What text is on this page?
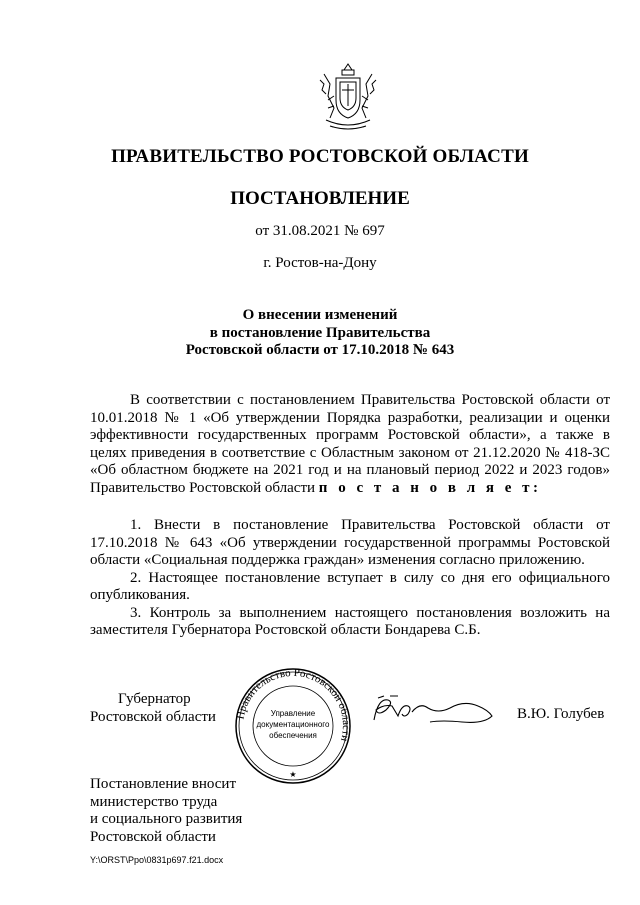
ПРАВИТЕЛЬСТВО РОСТОВСКОЙ ОБЛАСТИ
ПОСТАНОВЛЕНИЕ
от 31.08.2021 № 697
г. Ростов-на-Дону
О внесении изменений
в постановление Правительства
Ростовской области от 17.10.2018 № 643
В соответствии с постановлением Правительства Ростовской области от 10.01.2018 № 1 «Об утверждении Порядка разработки, реализации и оценки эффективности государственных программ Ростовской области», а также в целях приведения в соответствие с Областным законом от 21.12.2020 № 418-ЗС «Об областном бюджете на 2021 год и на плановый период 2022 и 2023 годов» Правительство Ростовской области п о с т а н о в л я е т:
1. Внести в постановление Правительства Ростовской области от 17.10.2018 № 643 «Об утверждении государственной программы Ростовской области «Социальная поддержка граждан» изменения согласно приложению.
2. Настоящее постановление вступает в силу со дня его официального опубликования.
3. Контроль за выполнением настоящего постановления возложить на заместителя Губернатора Ростовской области Бондарева С.Б.
Губернатор
Ростовской области	Правительство Ростовской области
Управление
документационного
обеспечения
★
В.Ю. Голубев
Постановление вносит
министерство труда
и социального развития
Ростовской области
Y:\ORST\Ppo\0831p697.f21.docx
